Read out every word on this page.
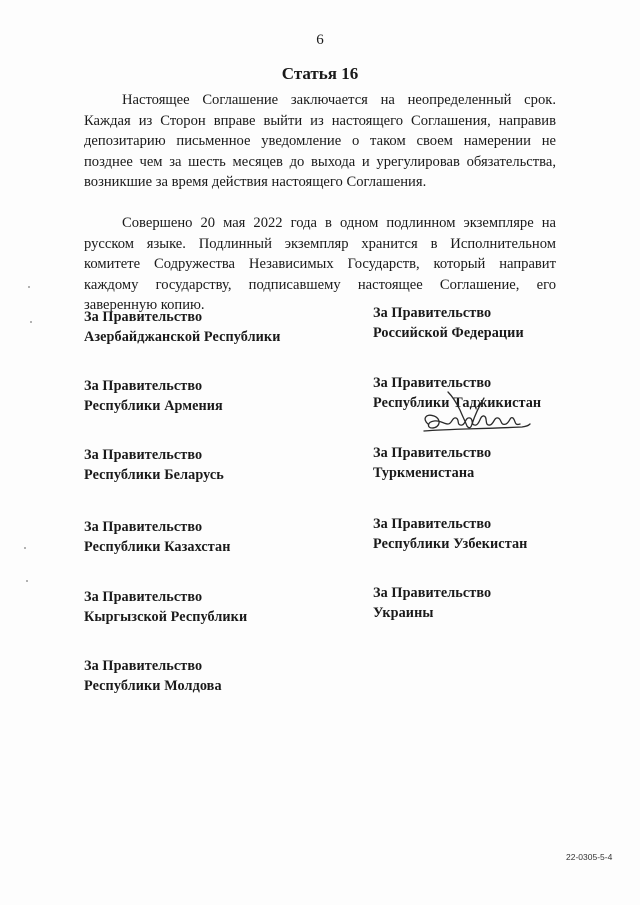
6
Статья 16

Настоящее Соглашение заключается на неопределенный срок. Каждая из Сторон вправе выйти из настоящего Соглашения, направив депозитарию письменное уведомление о таком своем намерении не позднее чем за шесть месяцев до выхода и урегулировав обязательства, возникшие за время действия настоящего Соглашения.

Совершено 20 мая 2022 года в одном подлинном экземпляре на русском языке. Подлинный экземпляр хранится в Исполнительном комитете Содружества Независимых Государств, который направит каждому государству, подписавшему настоящее Соглашение, его заверенную копию.

За Правительство
Азербайджанской Республики
За Правительство
Республики Армения
За Правительство
Республики Беларусь
За Правительство
Республики Казахстан
За Правительство
Кыргызской Республики
За Правительство
Республики Молдова
За Правительство
Российской Федерации
За Правительство
Республики Таджикистан
За Правительство
Туркменистана
За Правительство
Республики Узбекистан
За Правительство
Украины
22-0305-5-4
